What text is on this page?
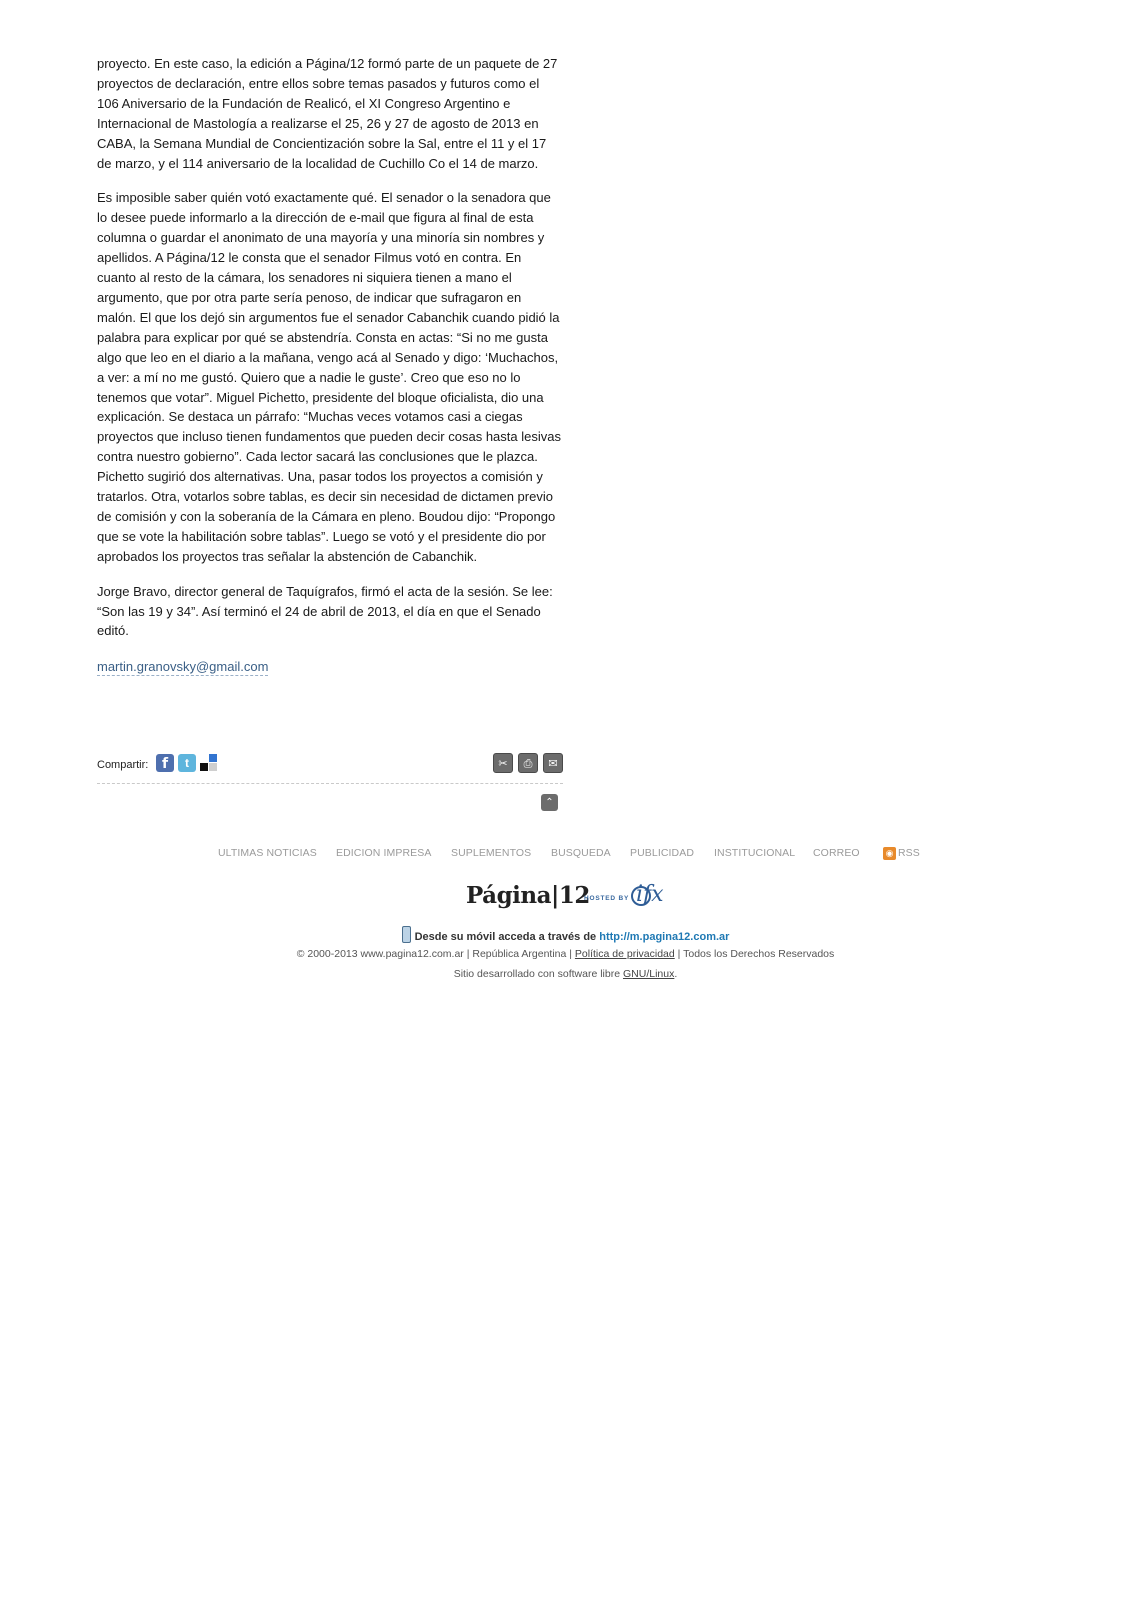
proyecto. En este caso, la edición a Página/12 formó parte de un paquete de 27 proyectos de declaración, entre ellos sobre temas pasados y futuros como el 106 Aniversario de la Fundación de Realicó, el XI Congreso Argentino e Internacional de Mastología a realizarse el 25, 26 y 27 de agosto de 2013 en CABA, la Semana Mundial de Concientización sobre la Sal, entre el 11 y el 17 de marzo, y el 114 aniversario de la localidad de Cuchillo Co el 14 de marzo.

Es imposible saber quién votó exactamente qué. El senador o la senadora que lo desee puede informarlo a la dirección de e-mail que figura al final de esta columna o guardar el anonimato de una mayoría y una minoría sin nombres y apellidos. A Página/12 le consta que el senador Filmus votó en contra. En cuanto al resto de la cámara, los senadores ni siquiera tienen a mano el argumento, que por otra parte sería penoso, de indicar que sufragaron en malón. El que los dejó sin argumentos fue el senador Cabanchik cuando pidió la palabra para explicar por qué se abstendría. Consta en actas: “Si no me gusta algo que leo en el diario a la mañana, vengo acá al Senado y digo: ‘Muchachos, a ver: a mí no me gustó. Quiero que a nadie le guste’. Creo que eso no lo tenemos que votar”. Miguel Pichetto, presidente del bloque oficialista, dio una explicación. Se destaca un párrafo: “Muchas veces votamos casi a ciegas proyectos que incluso tienen fundamentos que pueden decir cosas hasta lesivas contra nuestro gobierno”. Cada lector sacará las conclusiones que le plazca. Pichetto sugirió dos alternativas. Una, pasar todos los proyectos a comisión y tratarlos. Otra, votarlos sobre tablas, es decir sin necesidad de dictamen previo de comisión y con la soberanía de la Cámara en pleno. Boudou dijo: “Propongo que se vote la habilitación sobre tablas”. Luego se votó y el presidente dio por aprobados los proyectos tras señalar la abstención de Cabanchik.

Jorge Bravo, director general de Taquígrafos, firmó el acta de la sesión. Se lee: “Son las 19 y 34”. Así terminó el 24 de abril de 2013, el día en que el Senado editó.

martin.granovsky@gmail.com
Compartir: f	t	✂	⎙	✉
⌃
ULTIMAS NOTICIAS EDICION IMPRESA SUPLEMENTOS BUSQUEDA PUBLICIDAD INSTITUCIONAL CORREO	◉ RSS
Página|12
HOSTED BY ifx
Desde su móvil acceda a través de http://m.pagina12.com.ar
© 2000-2013 www.pagina12.com.ar | República Argentina | Política de privacidad | Todos los Derechos Reservados
Sitio desarrollado con software libre GNU/Linux.
